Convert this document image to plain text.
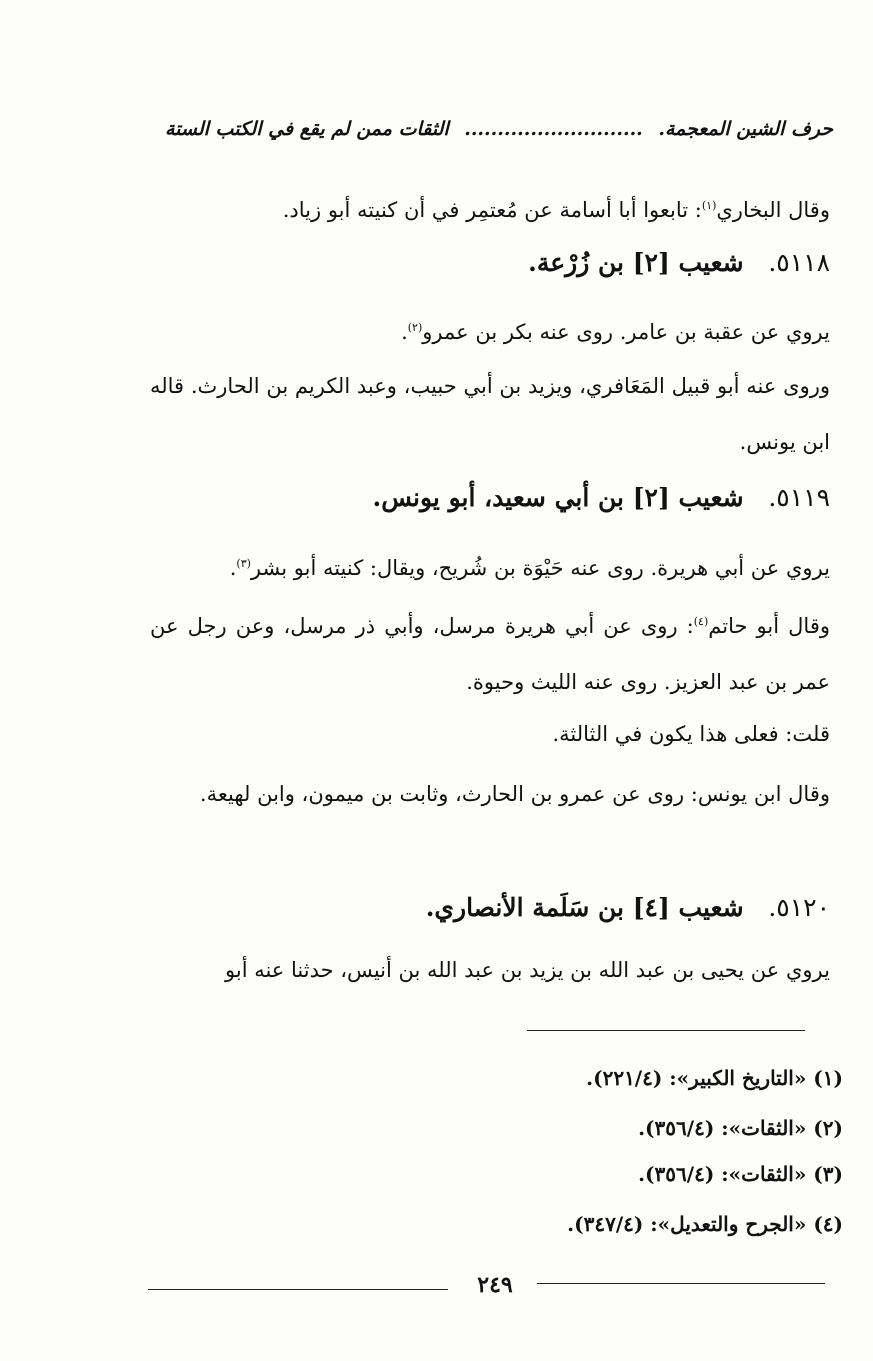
حرف الشين المعجمة.
...........................
الثقات ممن لم يقع في الكتب الستة
وقال البخاري$^{(١)}$: تابعوا أبا أسامة عن مُعتمِر في أن كنيته أبو زياد.
٥١١٨. شعيب [٢] بن زُرْعة.
يروي عن عقبة بن عامر. روى عنه بكر بن عمرو$^{(٢)}$.
وروى عنه أبو قبيل المَعَافري، ويزيد بن أبي حبيب، وعبد الكريم بن الحارث. قاله ابن يونس.
٥١١٩. شعيب [٢] بن أبي سعيد، أبو يونس.
يروي عن أبي هريرة. روى عنه حَيْوَة بن شُريح، ويقال: كنيته أبو بشر$^{(٣)}$.
وقال أبو حاتم$^{(٤)}$: روى عن أبي هريرة مرسل، وأبي ذر مرسل، وعن رجل عن عمر بن عبد العزيز. روى عنه الليث وحيوة.
قلت: فعلى هذا يكون في الثالثة.
وقال ابن يونس: روى عن عمرو بن الحارث، وثابت بن ميمون، وابن لهيعة.
٥١٢٠. شعيب [٤] بن سَلَمة الأنصاري.
يروي عن يحيى بن عبد الله بن يزيد بن عبد الله بن أنيس، حدثنا عنه أبو
(١) «التاريخ الكبير»: (٢٢١/٤).
(٢) «الثقات»: (٣٥٦/٤).
(٣) «الثقات»: (٣٥٦/٤).
(٤) «الجرح والتعديل»: (٣٤٧/٤).
٢٤٩
